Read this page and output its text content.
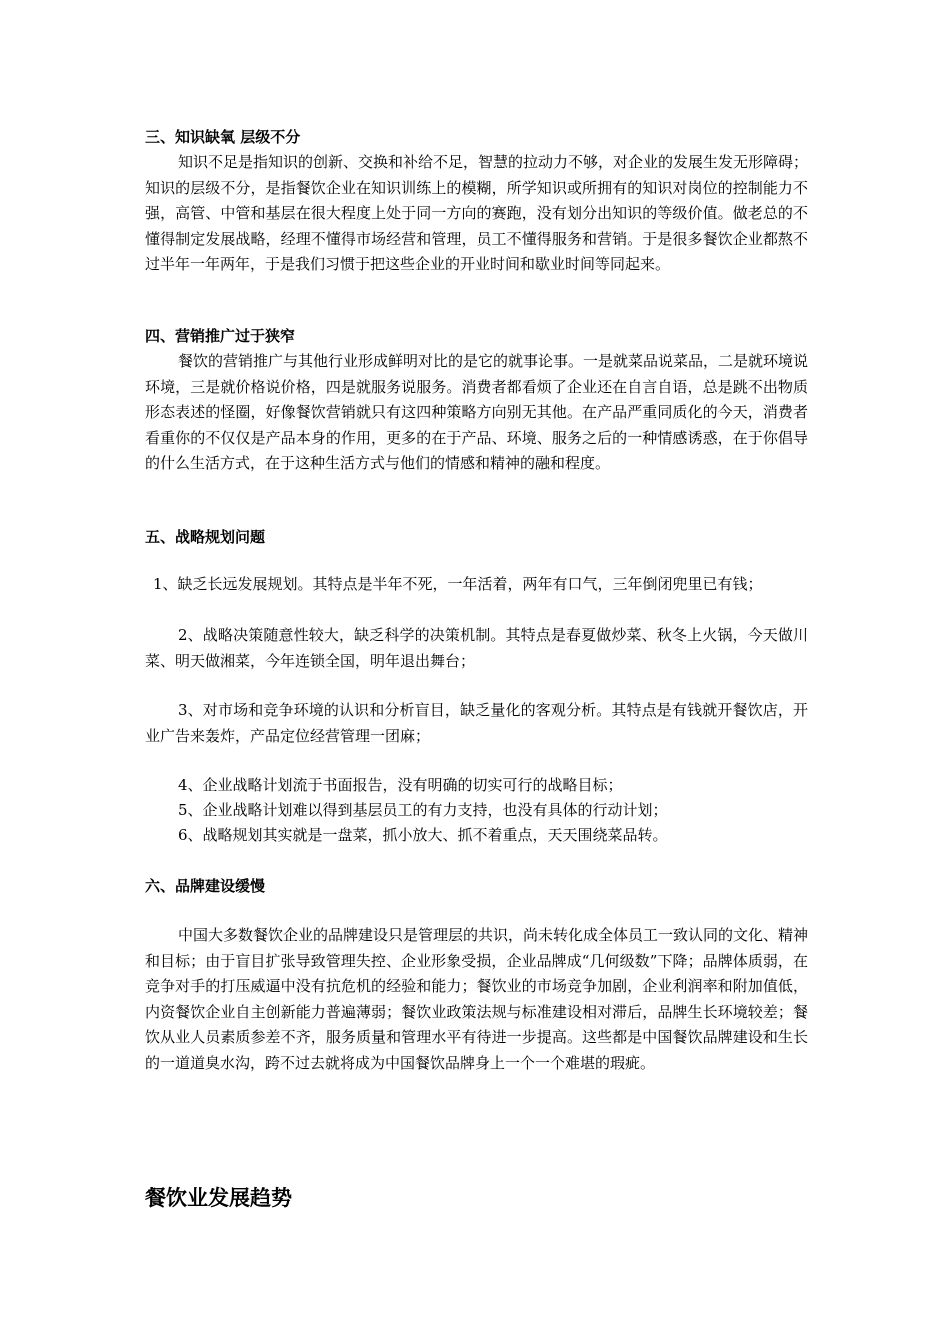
三、知识缺氧 层级不分

知识不足是指知识的创新、交换和补给不足，智慧的拉动力不够，对企业的发展生发无形障碍；知识的层级不分，是指餐饮企业在知识训练上的模糊，所学知识或所拥有的知识对岗位的控制能力不强，高管、中管和基层在很大程度上处于同一方向的赛跑，没有划分出知识的等级价值。做老总的不懂得制定发展战略，经理不懂得市场经营和管理，员工不懂得服务和营销。于是很多餐饮企业都熬不过半年一年两年，于是我们习惯于把这些企业的开业时间和歇业时间等同起来。

四、营销推广过于狭窄

餐饮的营销推广与其他行业形成鲜明对比的是它的就事论事。一是就菜品说菜品，二是就环境说环境，三是就价格说价格，四是就服务说服务。消费者都看烦了企业还在自言自语，总是跳不出物质形态表述的怪圈，好像餐饮营销就只有这四种策略方向别无其他。在产品严重同质化的今天，消费者看重你的不仅仅是产品本身的作用，更多的在于产品、环境、服务之后的一种情感诱惑，在于你倡导的什么生活方式，在于这种生活方式与他们的情感和精神的融和程度。

五、战略规划问题

1、缺乏长远发展规划。其特点是半年不死，一年活着，两年有口气，三年倒闭兜里已有钱；

2、战略决策随意性较大，缺乏科学的决策机制。其特点是春夏做炒菜、秋冬上火锅，今天做川菜、明天做湘菜，今年连锁全国，明年退出舞台；

3、对市场和竞争环境的认识和分析盲目，缺乏量化的客观分析。其特点是有钱就开餐饮店，开业广告来轰炸，产品定位经营管理一团麻；

4、企业战略计划流于书面报告，没有明确的切实可行的战略目标；
5、企业战略计划难以得到基层员工的有力支持，也没有具体的行动计划；
6、战略规划其实就是一盘菜，抓小放大、抓不着重点，天天围绕菜品转。
六、品牌建设缓慢

中国大多数餐饮企业的品牌建设只是管理层的共识，尚未转化成全体员工一致认同的文化、精神和目标；由于盲目扩张导致管理失控、企业形象受损，企业品牌成“几何级数”下降；品牌体质弱，在竞争对手的打压威逼中没有抗危机的经验和能力；餐饮业的市场竞争加剧，企业利润率和附加值低，内资餐饮企业自主创新能力普遍薄弱；餐饮业政策法规与标准建设相对滞后，品牌生长环境较差；餐饮从业人员素质参差不齐，服务质量和管理水平有待进一步提高。这些都是中国餐饮品牌建设和生长的一道道臭水沟，跨不过去就将成为中国餐饮品牌身上一个一个难堪的瑕疵。

餐饮业发展趋势
